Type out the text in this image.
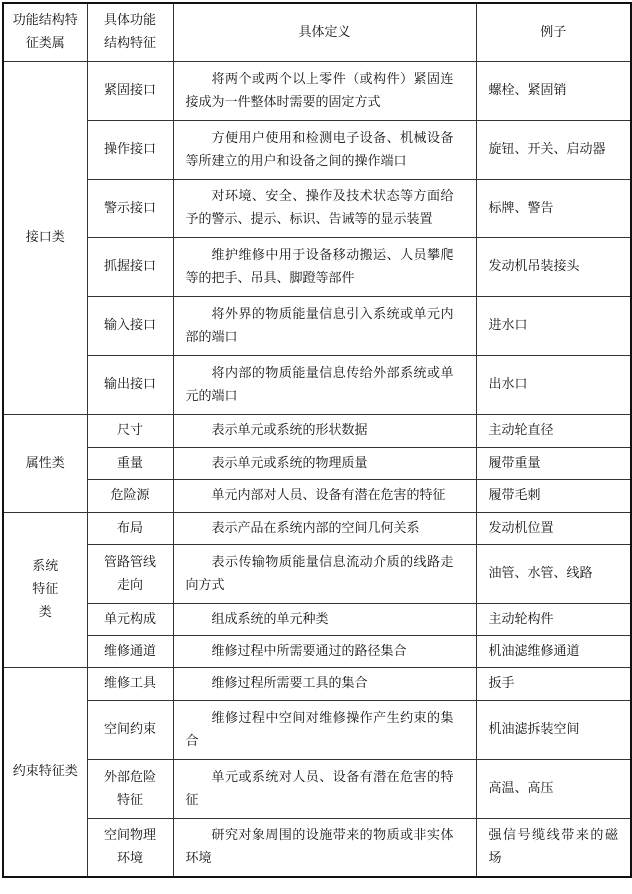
功能结构特征类属	具体功能结构特征	具体定义	例子
接口类	紧固接口	将两个或两个以上零件（或构件）紧固连接成为一件整体时需要的固定方式	螺栓、紧固销
	操作接口	方便用户使用和检测电子设备、机械设备等所建立的用户和设备之间的操作端口	旋钮、开关、启动器
	警示接口	对环境、安全、操作及技术状态等方面给予的警示、提示、标识、告诫等的显示装置	标牌、警告
	抓握接口	维护维修中用于设备移动搬运、人员攀爬等的把手、吊具、脚蹬等部件	发动机吊装接头
	输入接口	将外界的物质能量信息引入系统或单元内部的端口	进水口
	输出接口	将内部的物质能量信息传给外部系统或单元的端口	出水口
属性类	尺寸	表示单元或系统的形状数据	主动轮直径
	重量	表示单元或系统的物理质量	履带重量
	危险源	单元内部对人员、设备有潜在危害的特征	履带毛刺
系统特征类	布局	表示产品在系统内部的空间几何关系	发动机位置
	管路管线走向	表示传输物质能量信息流动介质的线路走向方式	油管、水管、线路
	单元构成	组成系统的单元种类	主动轮构件
	维修通道	维修过程中所需要通过的路径集合	机油滤维修通道
约束特征类	维修工具	维修过程所需要工具的集合	扳手
	空间约束	维修过程中空间对维修操作产生约束的集合	机油滤拆装空间
	外部危险特征	单元或系统对人员、设备有潜在危害的特征	高温、高压
	空间物理环境	研究对象周围的设施带来的物质或非实体环境	强信号缆线带来的磁场
